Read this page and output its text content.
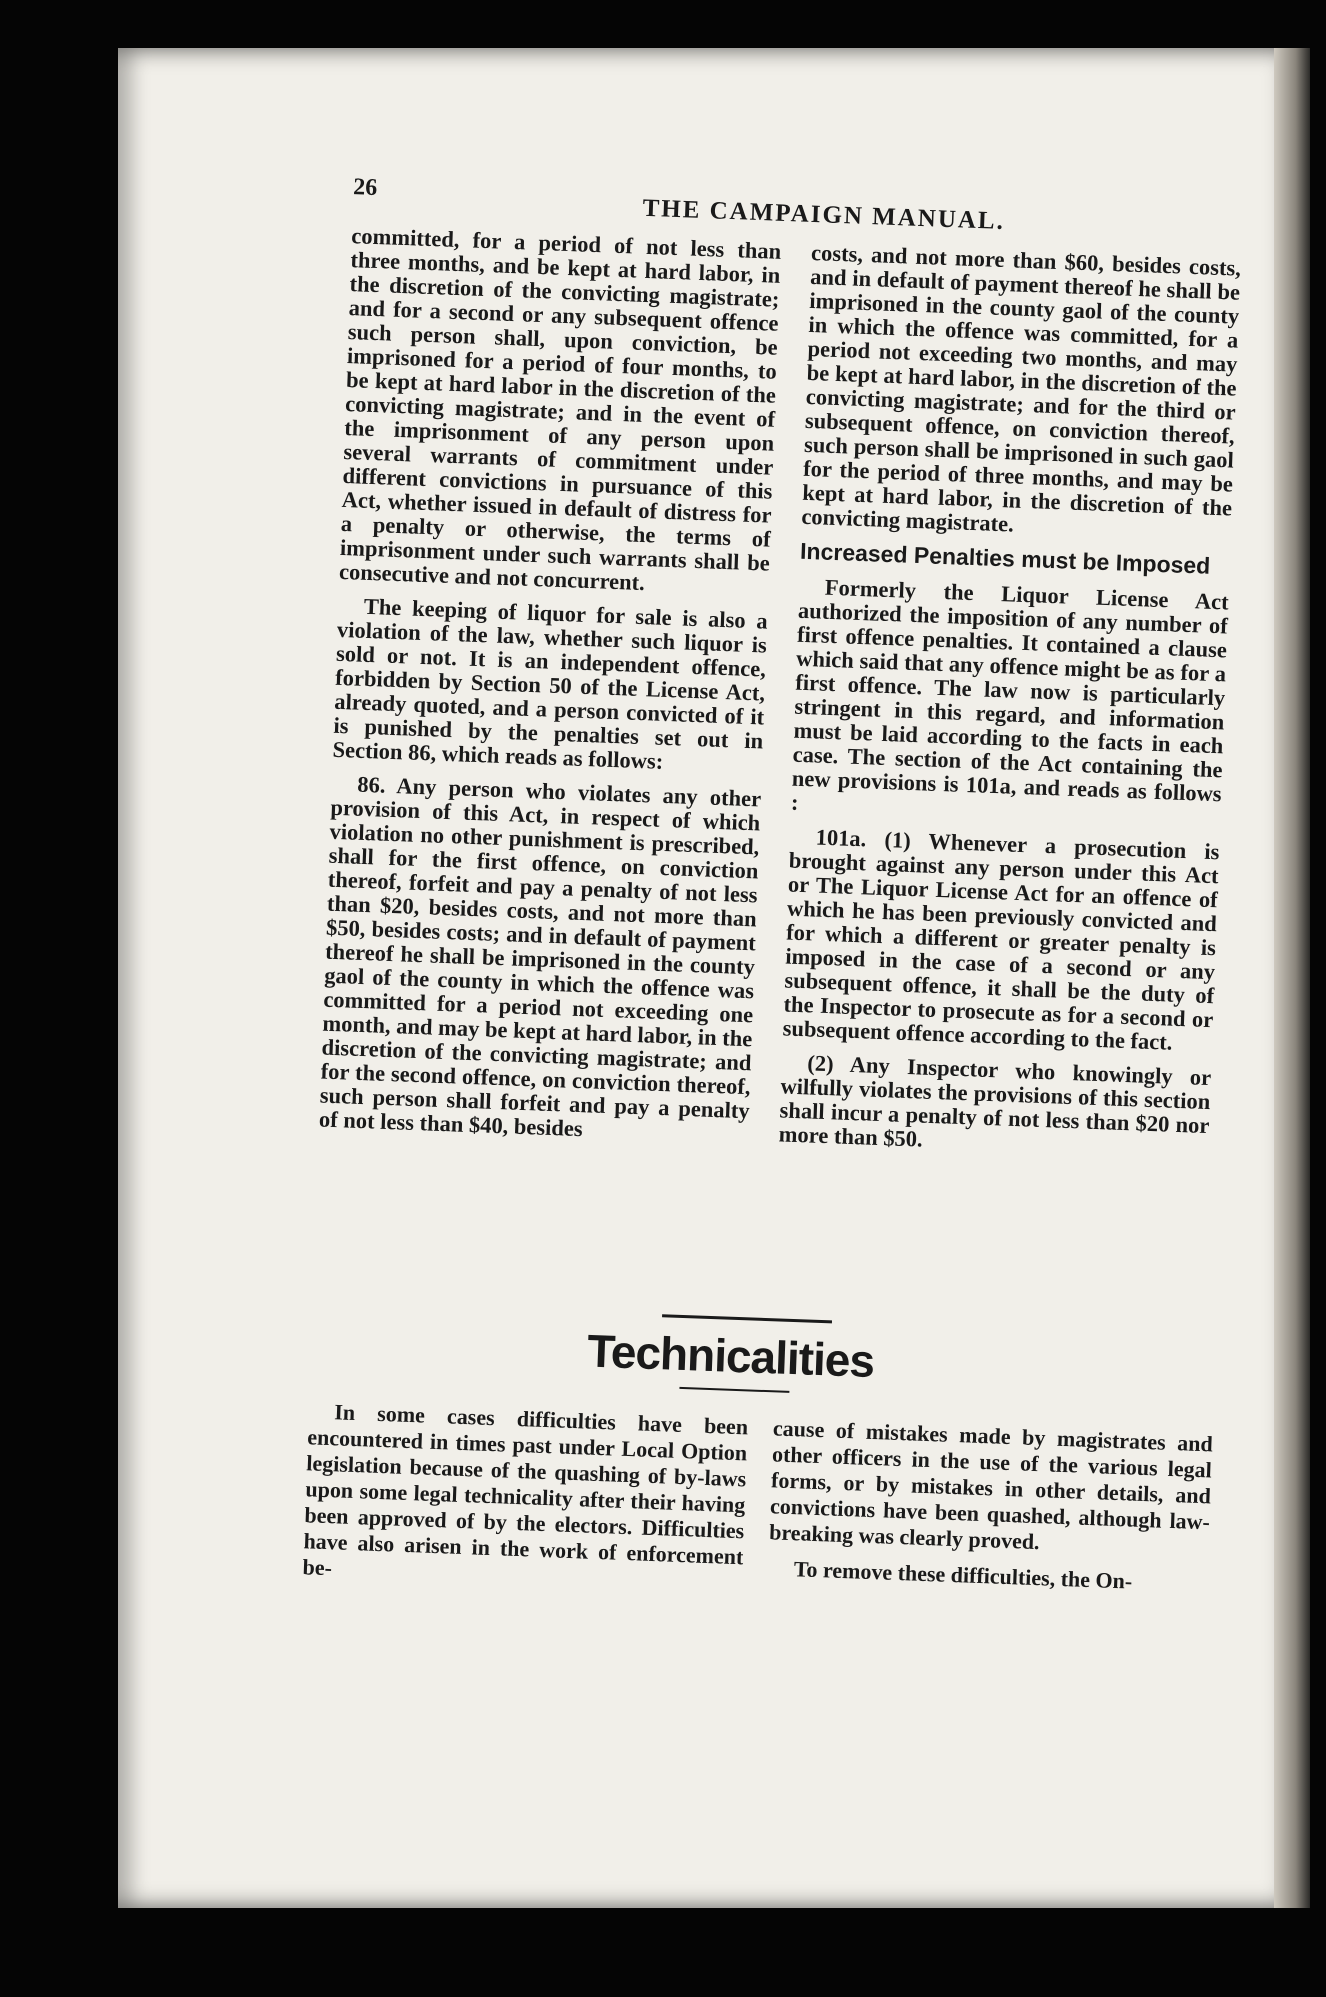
26
THE CAMPAIGN MANUAL.

committed, for a period of not less than three months, and be kept at hard labor, in the discretion of the convicting magistrate; and for a second or any subsequent offence such person shall, upon conviction, be imprisoned for a period of four months, to be kept at hard labor in the discretion of the convicting magistrate; and in the event of the imprisonment of any person upon several warrants of commitment under different convictions in pursuance of this Act, whether issued in default of distress for a penalty or otherwise, the terms of imprisonment under such warrants shall be consecutive and not concurrent.

The keeping of liquor for sale is also a violation of the law, whether such liquor is sold or not. It is an independent offence, forbidden by Section 50 of the License Act, already quoted, and a person convicted of it is punished by the penalties set out in Section 86, which reads as follows:

86. Any person who violates any other provision of this Act, in respect of which violation no other punishment is prescribed, shall for the first offence, on conviction thereof, forfeit and pay a penalty of not less than $20, besides costs, and not more than $50, besides costs; and in default of payment thereof he shall be imprisoned in the county gaol of the county in which the offence was committed for a period not exceeding one month, and may be kept at hard labor, in the discretion of the convicting magistrate; and for the second offence, on conviction thereof, such person shall forfeit and pay a penalty of not less than $40, besides

costs, and not more than $60, besides costs, and in default of payment thereof he shall be imprisoned in the county gaol of the county in which the offence was committed, for a period not exceeding two months, and may be kept at hard labor, in the discretion of the convicting magistrate; and for the third or subsequent offence, on conviction thereof, such person shall be imprisoned in such gaol for the period of three months, and may be kept at hard labor, in the discretion of the convicting magistrate.

Increased Penalties must be Imposed

Formerly the Liquor License Act authorized the imposition of any number of first offence penalties. It contained a clause which said that any offence might be as for a first offence. The law now is particularly stringent in this regard, and information must be laid according to the facts in each case. The section of the Act containing the new provisions is 101a, and reads as follows :

101a. (1) Whenever a prosecution is brought against any person under this Act or The Liquor License Act for an offence of which he has been previously convicted and for which a different or greater penalty is imposed in the case of a second or any subsequent offence, it shall be the duty of the Inspector to prosecute as for a second or subsequent offence according to the fact.

(2) Any Inspector who knowingly or wilfully violates the provisions of this section shall incur a penalty of not less than $20 nor more than $50.

Technicalities

In some cases difficulties have been encountered in times past under Local Option legislation because of the quashing of by-laws upon some legal technicality after their having been approved of by the electors. Difficulties have also arisen in the work of enforcement be-

cause of mistakes made by magistrates and other officers in the use of the various legal forms, or by mistakes in other details, and convictions have been quashed, although law-breaking was clearly proved.

To remove these difficulties, the On-
